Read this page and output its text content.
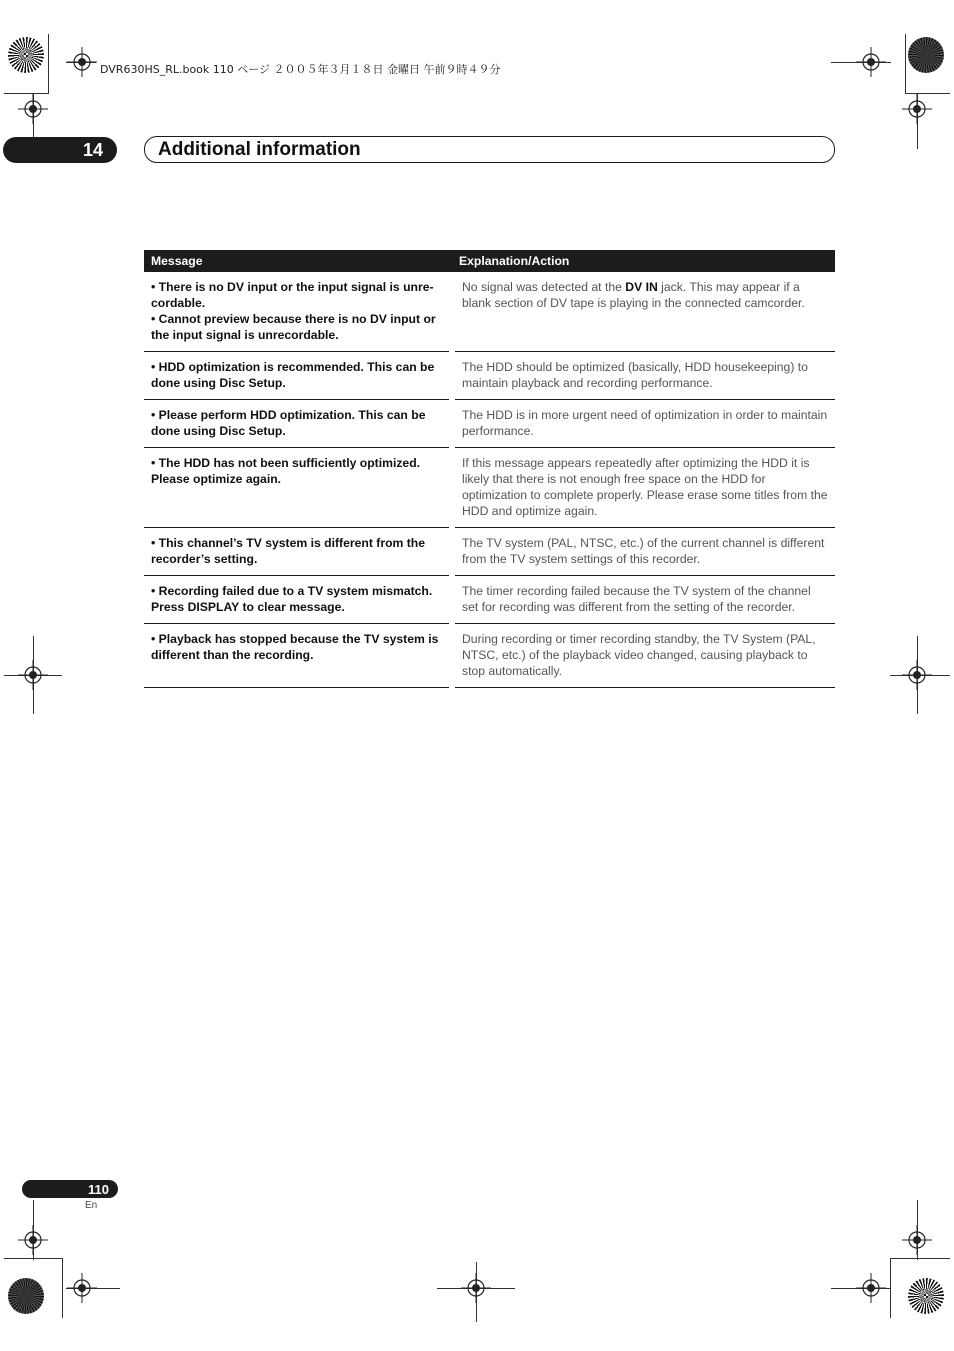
DVR630HS_RL.book 110 ページ ２００５年３月１８日 金曜日 午前９時４９分
14	Additional information
Message	Explanation/Action

• There is no DV input or the input signal is unre-cordable.
• Cannot preview because there is no DV input or the input signal is unrecordable.	No signal was detected at the DV IN jack. This may appear if a blank section of DV tape is playing in the connected camcorder.
• HDD optimization is recommended. This can be done using Disc Setup.	The HDD should be optimized (basically, HDD housekeeping) to maintain playback and recording performance.
• Please perform HDD optimization. This can be done using Disc Setup.	The HDD is in more urgent need of optimization in order to maintain performance.
• The HDD has not been sufficiently optimized. Please optimize again.	If this message appears repeatedly after optimizing the HDD it is likely that there is not enough free space on the HDD for optimization to complete properly. Please erase some titles from the HDD and optimize again.
• This channel’s TV system is different from the recorder’s setting.	The TV system (PAL, NTSC, etc.) of the current channel is different from the TV system settings of this recorder.
• Recording failed due to a TV system mismatch. Press DISPLAY to clear message.	The timer recording failed because the TV system of the channel set for recording was different from the setting of the recorder.
• Playback has stopped because the TV system is different than the recording.	During recording or timer recording standby, the TV System (PAL, NTSC, etc.) of the playback video changed, causing playback to stop automatically.
110
En
